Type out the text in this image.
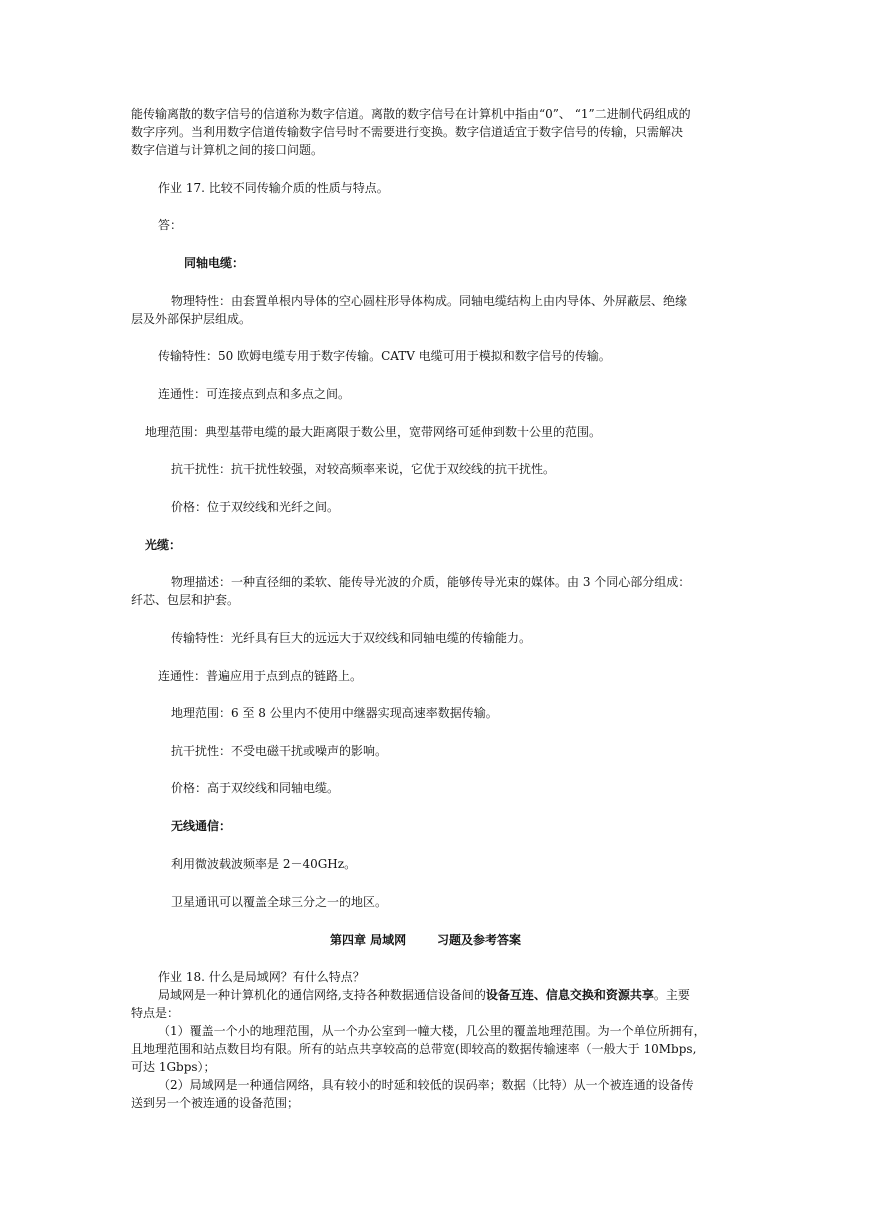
能传输离散的数字信号的信道称为数字信道。离散的数字信号在计算机中指由“0”、 “1”二进制代码组成的
数字序列。当利用数字信道传输数字信号时不需要进行变换。数字信道适宜于数字信号的传输，只需解决
数字信道与计算机之间的接口问题。
作业 17. 比较不同传输介质的性质与特点。
答：
同轴电缆：
物理特性：由套置单根内导体的空心圆柱形导体构成。同轴电缆结构上由内导体、外屏蔽层、绝缘
层及外部保护层组成。
传输特性：50 欧姆电缆专用于数字传输。CATV 电缆可用于模拟和数字信号的传输。
连通性：可连接点到点和多点之间。
地理范围：典型基带电缆的最大距离限于数公里，宽带网络可延伸到数十公里的范围。
抗干扰性：抗干扰性较强，对较高频率来说，它优于双绞线的抗干扰性。
价格：位于双绞线和光纤之间。
光缆：
物理描述：一种直径细的柔软、能传导光波的介质，能够传导光束的媒体。由 3 个同心部分组成：
纤芯、包层和护套。
传输特性：光纤具有巨大的远远大于双绞线和同轴电缆的传输能力。
连通性：普遍应用于点到点的链路上。
地理范围：6 至 8 公里内不使用中继器实现高速率数据传输。
抗干扰性：不受电磁干扰或噪声的影响。
价格：高于双绞线和同轴电缆。
无线通信：
利用微波载波频率是 2－40GHz。
卫星通讯可以覆盖全球三分之一的地区。
第四章 局域网	习题及参考答案
作业 18. 什么是局域网？有什么特点？
局域网是一种计算机化的通信网络,支持各种数据通信设备间的设备互连、信息交换和资源共享。主要
特点是：
（1）覆盖一个小的地理范围，从一个办公室到一幢大楼，几公里的覆盖地理范围。为一个单位所拥有，
且地理范围和站点数目均有限。所有的站点共享较高的总带宽(即较高的数据传输速率（一般大于 10Mbps,
可达 1Gbps）；
（2）局域网是一种通信网络，具有较小的时延和较低的误码率；数据（比特）从一个被连通的设备传
送到另一个被连通的设备范围；
